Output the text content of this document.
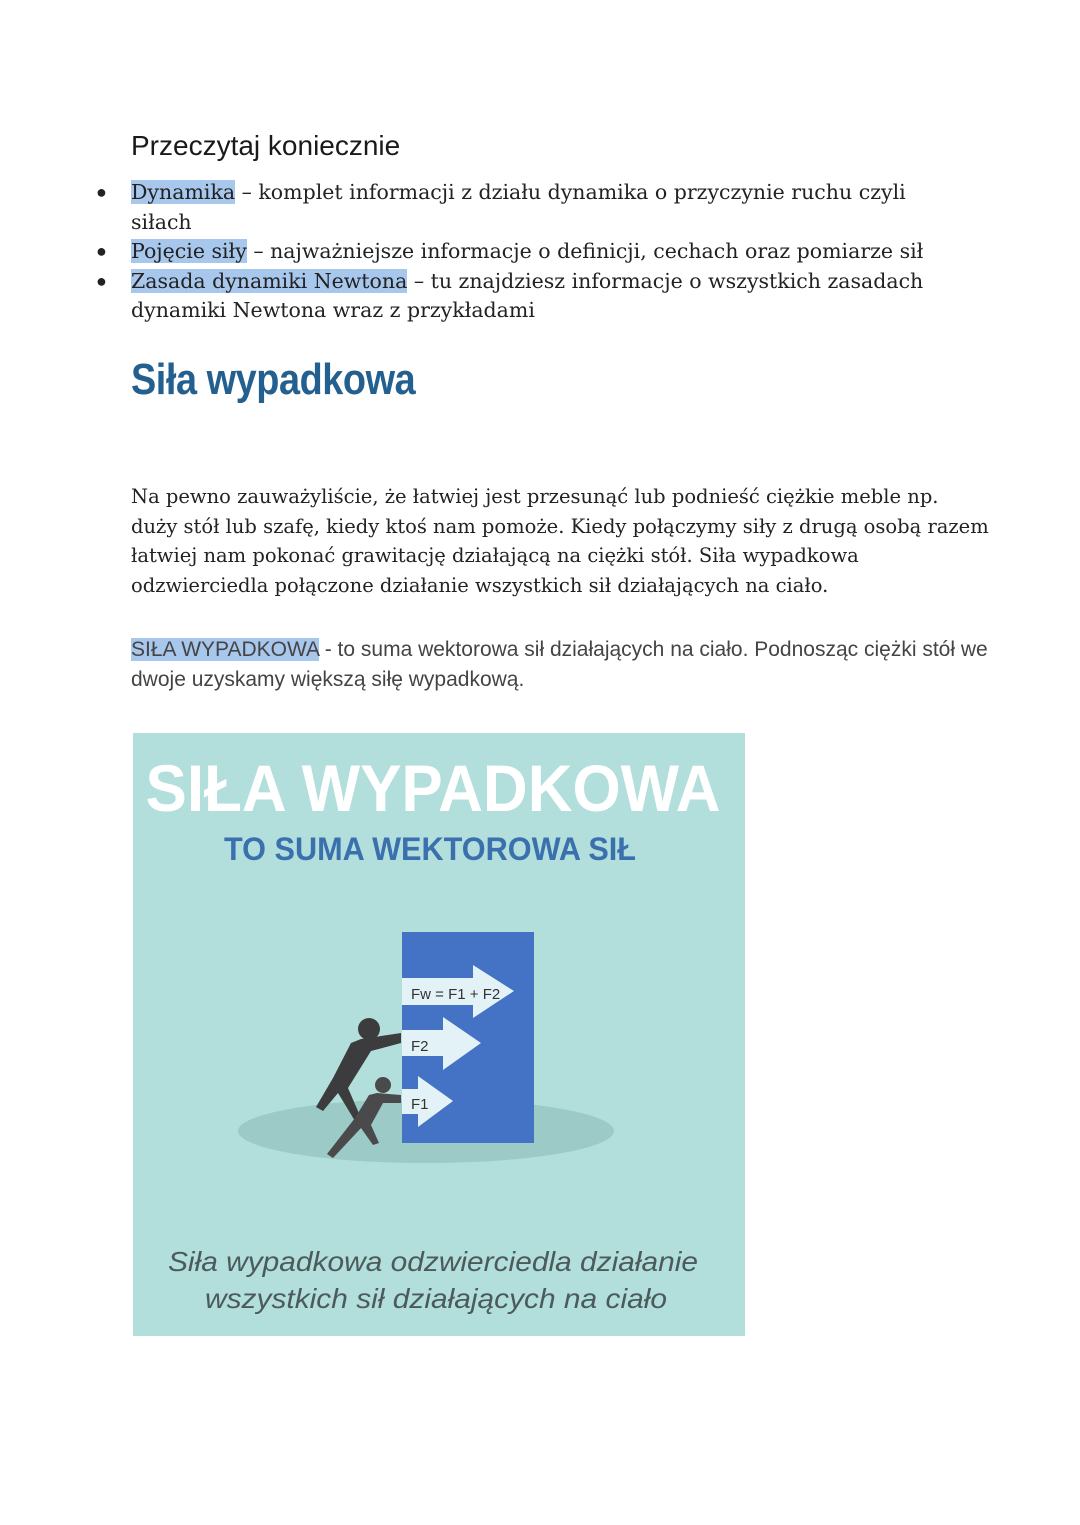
Przeczytaj koniecznie
● Dynamika – komplet informacji z działu dynamika o przyczynie ruchu czyli siłach
● Pojęcie siły – najważniejsze informacje o definicji, cechach oraz pomiarze sił
● Zasada dynamiki Newtona – tu znajdziesz informacje o wszystkich zasadach dynamiki Newtona wraz z przykładami
Siła wypadkowa

Na pewno zauważyliście, że łatwiej jest przesunąć lub podnieść ciężkie meble np. duży stół lub szafę, kiedy ktoś nam pomoże. Kiedy połączymy siły z drugą osobą razem łatwiej nam pokonać grawitację działającą na ciężki stół. Siła wypadkowa odzwierciedla połączone działanie wszystkich sił działających na ciało.

SIŁA WYPADKOWA - to suma wektorowa sił działających na ciało. Podnosząc ciężki stół we dwoje uzyskamy większą siłę wypadkową.

SIŁA WYPADKOWA
TO SUMA WEKTOROWA SIŁ
Fw = F1 + F2
F2
F1
Siła wypadkowa odzwierciedla działanie
wszystkich sił działających na ciało
